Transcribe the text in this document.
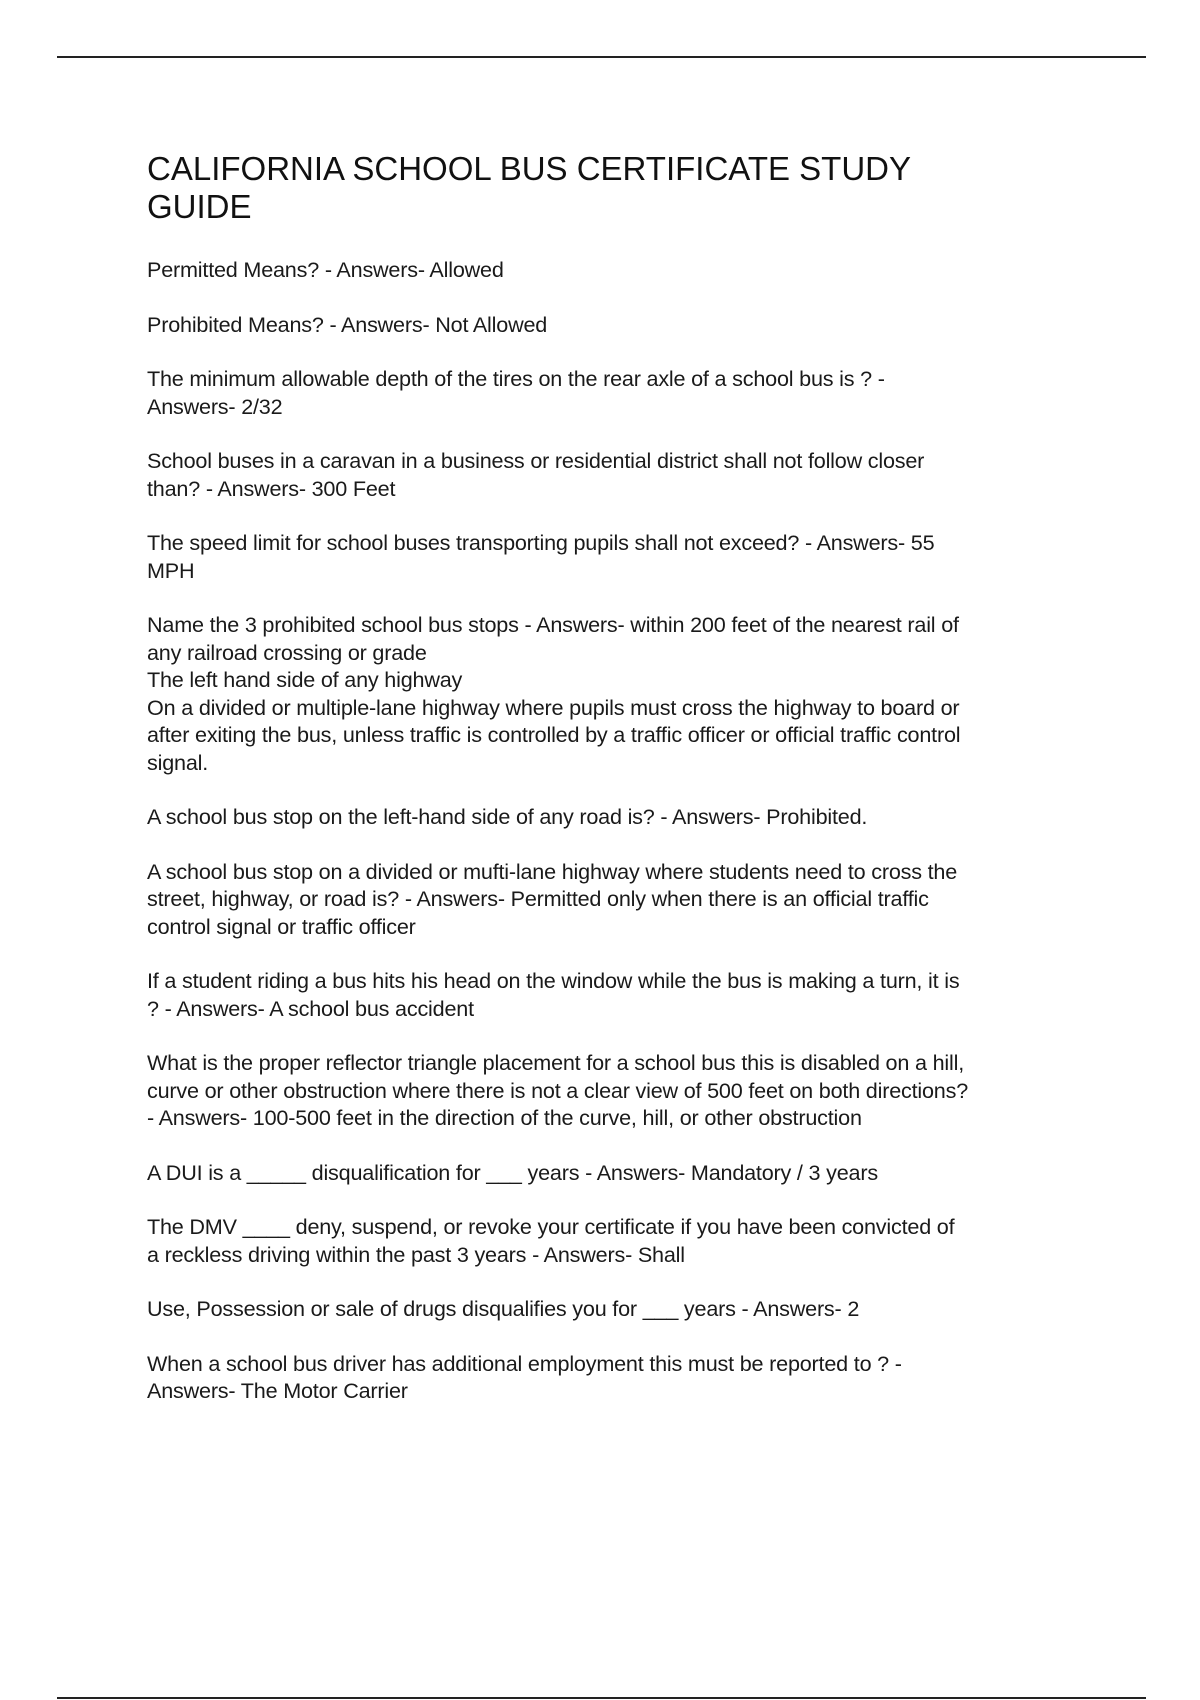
CALIFORNIA SCHOOL BUS CERTIFICATE STUDY
GUIDE

Permitted Means? - Answers- Allowed

Prohibited Means? - Answers- Not Allowed

The minimum allowable depth of the tires on the rear axle of a school bus is ? -
Answers- 2/32

School buses in a caravan in a business or residential district shall not follow closer
than? - Answers- 300 Feet

The speed limit for school buses transporting pupils shall not exceed? - Answers- 55
MPH

Name the 3 prohibited school bus stops - Answers- within 200 feet of the nearest rail of
any railroad crossing or grade
The left hand side of any highway
On a divided or multiple-lane highway where pupils must cross the highway to board or
after exiting the bus, unless traffic is controlled by a traffic officer or official traffic control
signal.

A school bus stop on the left-hand side of any road is? - Answers- Prohibited.

A school bus stop on a divided or mufti-lane highway where students need to cross the
street, highway, or road is? - Answers- Permitted only when there is an official traffic
control signal or traffic officer

If a student riding a bus hits his head on the window while the bus is making a turn, it is
? - Answers- A school bus accident

What is the proper reflector triangle placement for a school bus this is disabled on a hill,
curve or other obstruction where there is not a clear view of 500 feet on both directions?
- Answers- 100-500 feet in the direction of the curve, hill, or other obstruction

A DUI is a _____ disqualification for ___ years - Answers- Mandatory / 3 years

The DMV ____ deny, suspend, or revoke your certificate if you have been convicted of
a reckless driving within the past 3 years - Answers- Shall

Use, Possession or sale of drugs disqualifies you for ___ years - Answers- 2

When a school bus driver has additional employment this must be reported to ? -
Answers- The Motor Carrier
